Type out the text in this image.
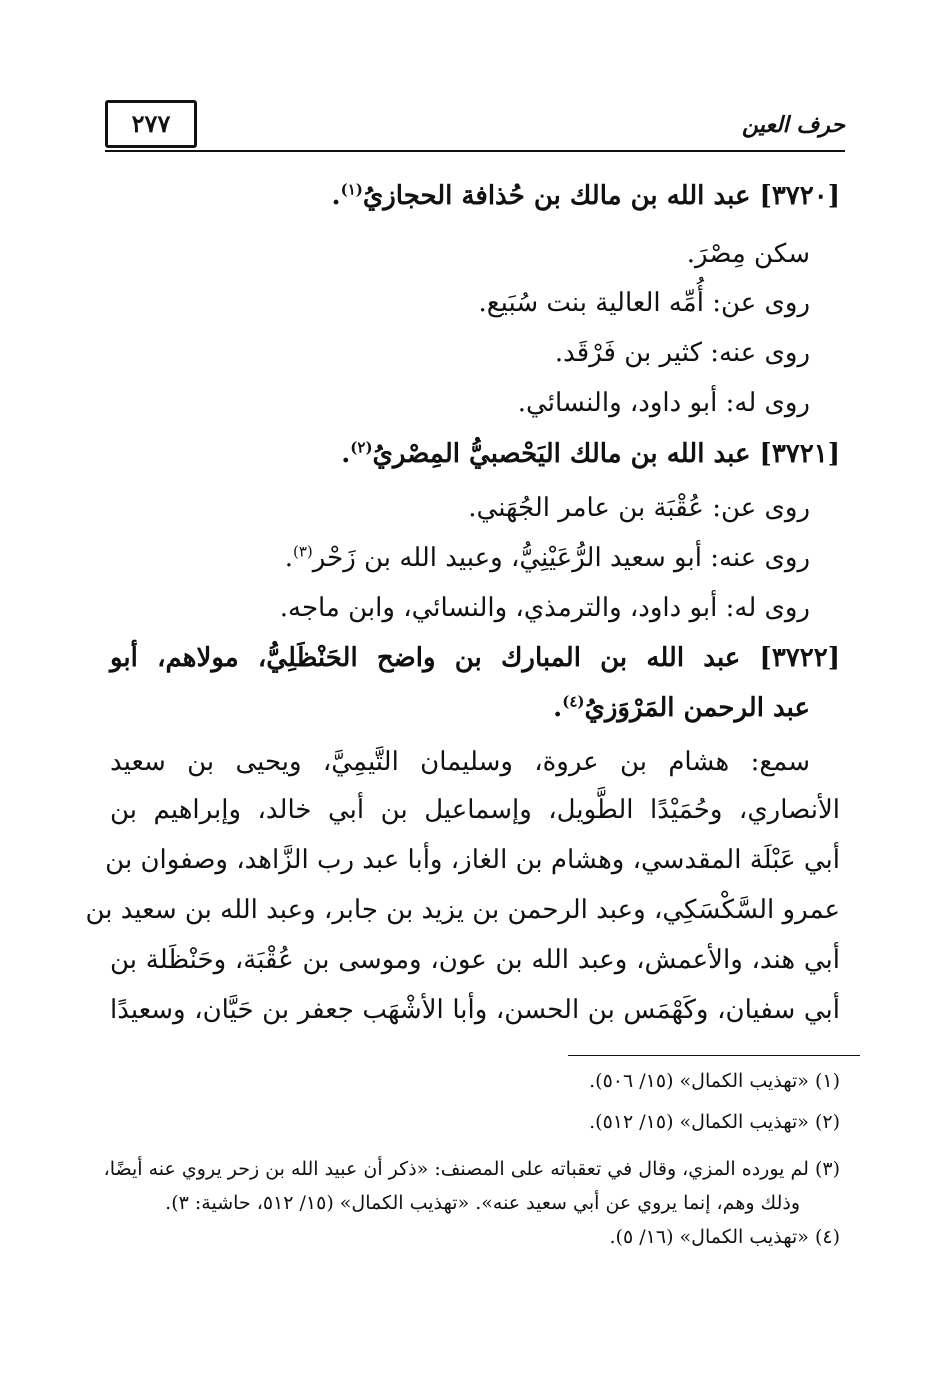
حرف العين
٢٧٧
[٣٧٢٠] عبد الله بن مالك بن حُذافة الحجازيُ$^{(١)}$.
سكن مِصْرَ.
روى عن: أُمِّه العالية بنت سُبَيع.
روى عنه: كثير بن فَرْقَد.
روى له: أبو داود، والنسائي.
[٣٧٢١] عبد الله بن مالك اليَحْصبيُّ المِصْريُ$^{(٢)}$.
روى عن: عُقْبَة بن عامر الجُهَني.
روى عنه: أبو سعيد الرُّعَيْنِيُّ، وعبيد الله بن زَحْر$^{(٣)}$.
روى له: أبو داود، والترمذي، والنسائي، وابن ماجه.
[٣٧٢٢] عبد الله بن المبارك بن واضح الحَنْظَلِيُّ، مولاهم، أبو
عبد الرحمن المَرْوَزيُ$^{(٤)}$.
سمع: هشام بن عروة، وسليمان التَّيمِيَّ، ويحيى بن سعيد
الأنصاري، وحُمَيْدًا الطَّويل، وإسماعيل بن أبي خالد، وإبراهيم بن
أبي عَبْلَة المقدسي، وهشام بن الغاز، وأبا عبد رب الزَّاهد، وصفوان بن
عمرو السَّكْسَكِي، وعبد الرحمن بن يزيد بن جابر، وعبد الله بن سعيد بن
أبي هند، والأعمش، وعبد الله بن عون، وموسى بن عُقْبَة، وحَنْظَلة بن
أبي سفيان، وكَهْمَس بن الحسن، وأبا الأشْهَب جعفر بن حَيَّان، وسعيدًا
(١) «تهذيب الكمال» (١٥/ ٥٠٦).
(٢) «تهذيب الكمال» (١٥/ ٥١٢).
(٣) لم يورده المزي، وقال في تعقباته على المصنف: «ذكر أن عبيد الله بن زحر يروي عنه أيضًا،
وذلك وهم، إنما يروي عن أبي سعيد عنه». «تهذيب الكمال» (١٥/ ٥١٢، حاشية: ٣).
(٤) «تهذيب الكمال» (١٦/ ٥).
